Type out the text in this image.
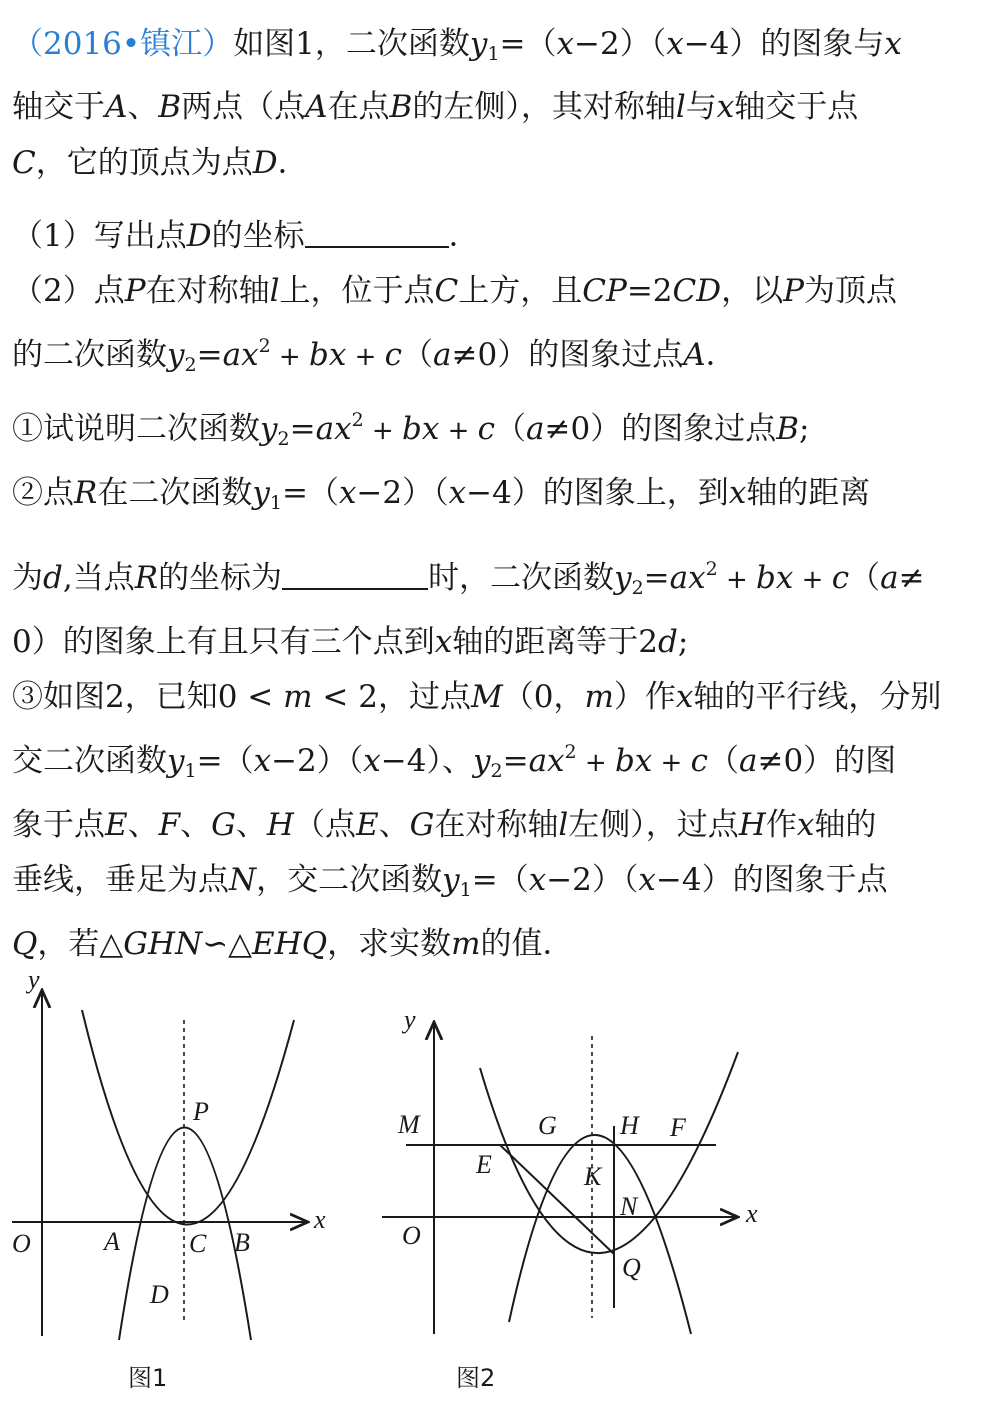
（2016•镇江）如图1，二次函数$y_1=(x-2)(x-4)$的图象与x
轴交于A、B两点（点A在点B的左侧），其对称轴l与x轴交于点
C，它的顶点为点D．
（1）写出点D的坐标	．
（2）点P在对称轴l上，位于点C上方，且CP=2CD，以P为顶点
的二次函数$y_2=ax^2$ + bx + c（a≠0）的图象过点A．
①试说明二次函数$y_2=ax^2$ + bx + c（a≠0）的图象过点B;
②点R在二次函数$y_1=(x-2)(x-4)$的图象上，到x轴的距离
为d,当点R的坐标为	时，二次函数$y_2=ax^2$ + bx + c（a≠
0）的图象上有且只有三个点到x轴的距离等于2d;
③如图2，已知0 < m < 2，过点M（0，m）作x轴的平行线，分别
交二次函数$y_1=(x-2)(x-4)$、$y_2=ax^2$ + bx + c（a≠0）的图
象于点E、F、G、H（点E、G在对称轴l左侧），过点H作x轴的
垂线，垂足为点N，交二次函数$y_1=(x-2)(x-4)$的图象于点
Q，若△GHN∽△EHQ，求实数m的值．
y
x
O	A	C B
D
P
图1
y
x
O
M
E
G H F
K
N
Q
图2
